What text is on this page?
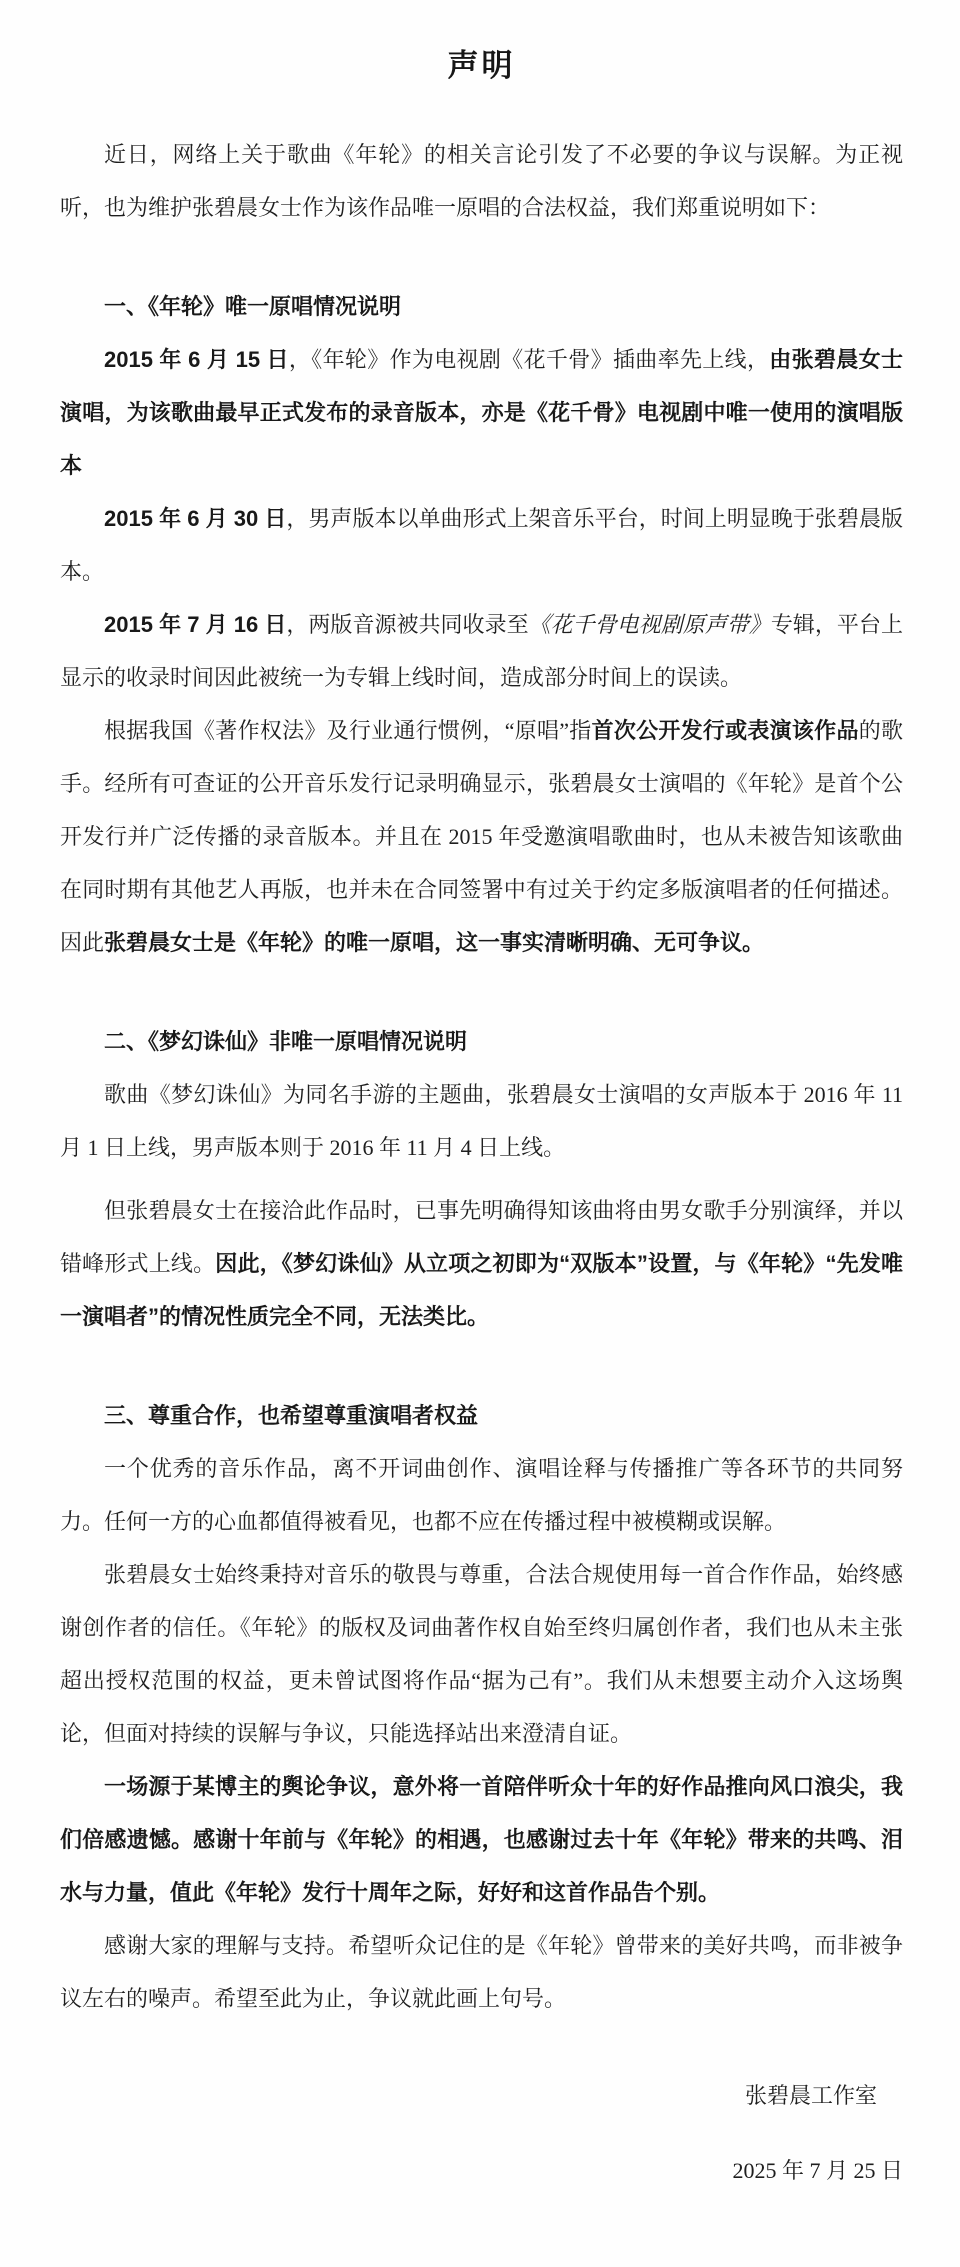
声明

近日，网络上关于歌曲《年轮》的相关言论引发了不必要的争议与误解。为正视听，也为维护张碧晨女士作为该作品唯一原唱的合法权益，我们郑重说明如下：

一、《年轮》唯一原唱情况说明

2015 年 6 月 15 日，《年轮》作为电视剧《花千骨》插曲率先上线，由张碧晨女士演唱，为该歌曲最早正式发布的录音版本，亦是《花千骨》电视剧中唯一使用的演唱版本

2015 年 6 月 30 日，男声版本以单曲形式上架音乐平台，时间上明显晚于张碧晨版本。

2015 年 7 月 16 日，两版音源被共同收录至《花千骨电视剧原声带》专辑，平台上显示的收录时间因此被统一为专辑上线时间，造成部分时间上的误读。

根据我国《著作权法》及行业通行惯例，“原唱”指首次公开发行或表演该作品的歌手。经所有可查证的公开音乐发行记录明确显示，张碧晨女士演唱的《年轮》是首个公开发行并广泛传播的录音版本。并且在 2015 年受邀演唱歌曲时，也从未被告知该歌曲在同时期有其他艺人再版，也并未在合同签署中有过关于约定多版演唱者的任何描述。因此张碧晨女士是《年轮》的唯一原唱，这一事实清晰明确、无可争议。

二、《梦幻诛仙》非唯一原唱情况说明

歌曲《梦幻诛仙》为同名手游的主题曲，张碧晨女士演唱的女声版本于 2016 年 11 月 1 日上线，男声版本则于 2016 年 11 月 4 日上线。

但张碧晨女士在接洽此作品时，已事先明确得知该曲将由男女歌手分别演绎，并以错峰形式上线。因此，《梦幻诛仙》从立项之初即为“双版本”设置，与《年轮》“先发唯一演唱者”的情况性质完全不同，无法类比。

三、尊重合作，也希望尊重演唱者权益

一个优秀的音乐作品，离不开词曲创作、演唱诠释与传播推广等各环节的共同努力。任何一方的心血都值得被看见，也都不应在传播过程中被模糊或误解。

张碧晨女士始终秉持对音乐的敬畏与尊重，合法合规使用每一首合作作品，始终感谢创作者的信任。《年轮》的版权及词曲著作权自始至终归属创作者，我们也从未主张超出授权范围的权益，更未曾试图将作品“据为己有”。我们从未想要主动介入这场舆论，但面对持续的误解与争议，只能选择站出来澄清自证。

一场源于某博主的舆论争议，意外将一首陪伴听众十年的好作品推向风口浪尖，我们倍感遗憾。感谢十年前与《年轮》的相遇，也感谢过去十年《年轮》带来的共鸣、泪水与力量，值此《年轮》发行十周年之际，好好和这首作品告个别。

感谢大家的理解与支持。希望听众记住的是《年轮》曾带来的美好共鸣，而非被争议左右的噪声。希望至此为止，争议就此画上句号。

张碧晨工作室

2025 年 7 月 25 日
